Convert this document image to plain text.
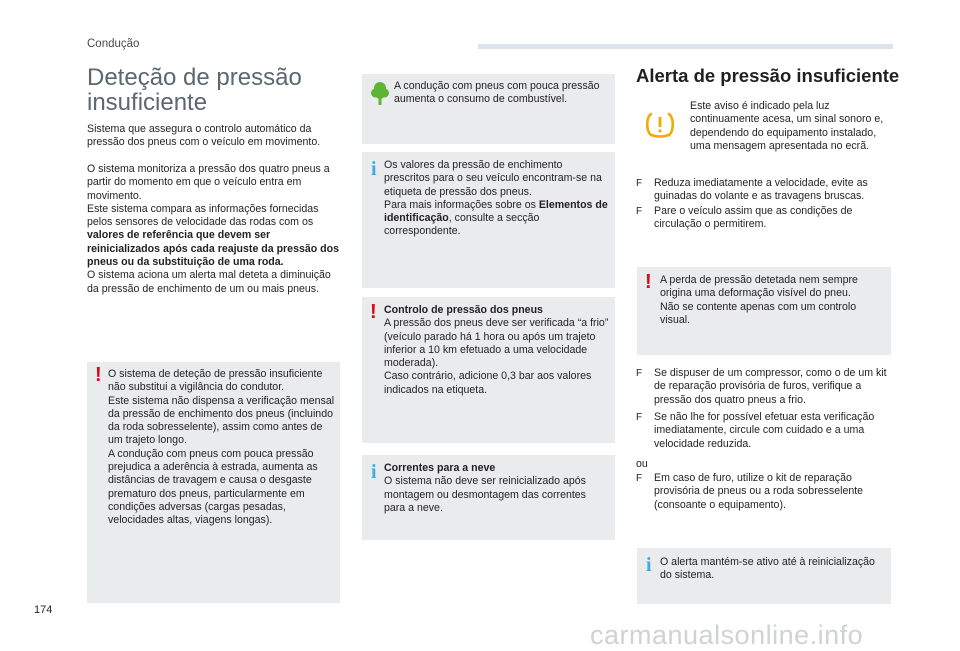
Condução
Deteção de pressão
insuficiente
Sistema que assegura o controlo automático da pressão dos pneus com o veículo em movimento.
O sistema monitoriza a pressão dos quatro pneus a partir do momento em que o veículo entra em movimento.
Este sistema compara as informações fornecidas pelos sensores de velocidade das rodas com os valores de referência que devem ser reinicializados após cada reajuste da pressão dos pneus ou da substituição de uma roda.
O sistema aciona um alerta mal deteta a diminuição da pressão de enchimento de um ou mais pneus.
! O sistema de deteção de pressão insuficiente não substitui a vigilância do condutor.
Este sistema não dispensa a verificação mensal da pressão de enchimento dos pneus (incluindo da roda sobresselente), assim como antes de um trajeto longo.
A condução com pneus com pouca pressão prejudica a aderência à estrada, aumenta as distâncias de travagem e causa o desgaste prematuro dos pneus, particularmente em condições adversas (cargas pesadas, velocidades altas, viagens longas).
A condução com pneus com pouca pressão aumenta o consumo de combustível.
i Os valores da pressão de enchimento prescritos para o seu veículo encontram-se na etiqueta de pressão dos pneus.
Para mais informações sobre os Elementos de identificação, consulte a secção correspondente.
! Controlo de pressão dos pneus
A pressão dos pneus deve ser verificada “a frio” (veículo parado há 1 hora ou após um trajeto inferior a 10 km efetuado a uma velocidade moderada).
Caso contrário, adicione 0,3 bar aos valores indicados na etiqueta.
i Correntes para a neve
O sistema não deve ser reinicializado após montagem ou desmontagem das correntes para a neve.
Alerta de pressão insuficiente
Este aviso é indicado pela luz continuamente acesa, um sinal sonoro e, dependendo do equipamento instalado, uma mensagem apresentada no ecrã.
F Reduza imediatamente a velocidade, evite as guinadas do volante e as travagens bruscas.
F Pare o veículo assim que as condições de circulação o permitirem.
! A perda de pressão detetada nem sempre origina uma deformação visível do pneu.
Não se contente apenas com um controlo visual.
F Se dispuser de um compressor, como o de um kit de reparação provisória de furos, verifique a pressão dos quatro pneus a frio.
F Se não lhe for possível efetuar esta verificação imediatamente, circule com cuidado e a uma velocidade reduzida.
ou
F Em caso de furo, utilize o kit de reparação provisória de pneus ou a roda sobresselente (consoante o equipamento).
i O alerta mantém-se ativo até à reinicialização do sistema.
174
carmanualsonline.info
